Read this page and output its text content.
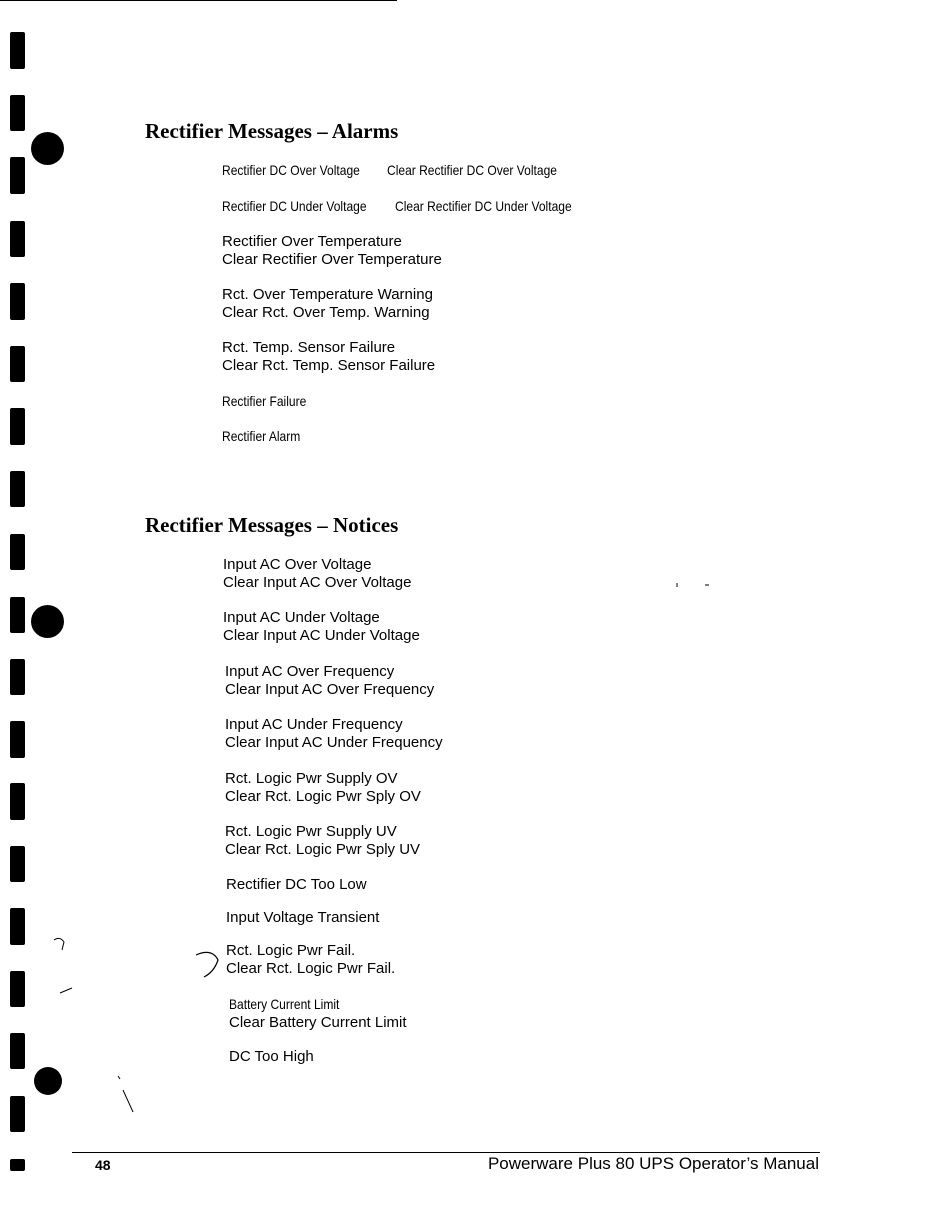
Rectifier Messages – Alarms
Rectifier DC Over Voltage Clear Rectifier DC Over Voltage
Rectifier DC Under Voltage Clear Rectifier DC Under Voltage
Rectifier Over Temperature
Clear Rectifier Over Temperature
Rct. Over Temperature Warning
Clear Rct. Over Temp. Warning
Rct. Temp. Sensor Failure
Clear Rct. Temp. Sensor Failure
Rectifier Failure
Rectifier Alarm
Rectifier Messages – Notices
Input AC Over Voltage
Clear Input AC Over Voltage
Input AC Under Voltage
Clear Input AC Under Voltage
Input AC Over Frequency
Clear Input AC Over Frequency
Input AC Under Frequency
Clear Input AC Under Frequency
Rct. Logic Pwr Supply OV
Clear Rct. Logic Pwr Sply OV
Rct. Logic Pwr Supply UV
Clear Rct. Logic Pwr Sply UV
Rectifier DC Too Low
Input Voltage Transient
Rct. Logic Pwr Fail.
Clear Rct. Logic Pwr Fail.
Battery Current Limit
Clear Battery Current Limit
DC Too High
48	Powerware Plus 80 UPS Operator’s Manual
